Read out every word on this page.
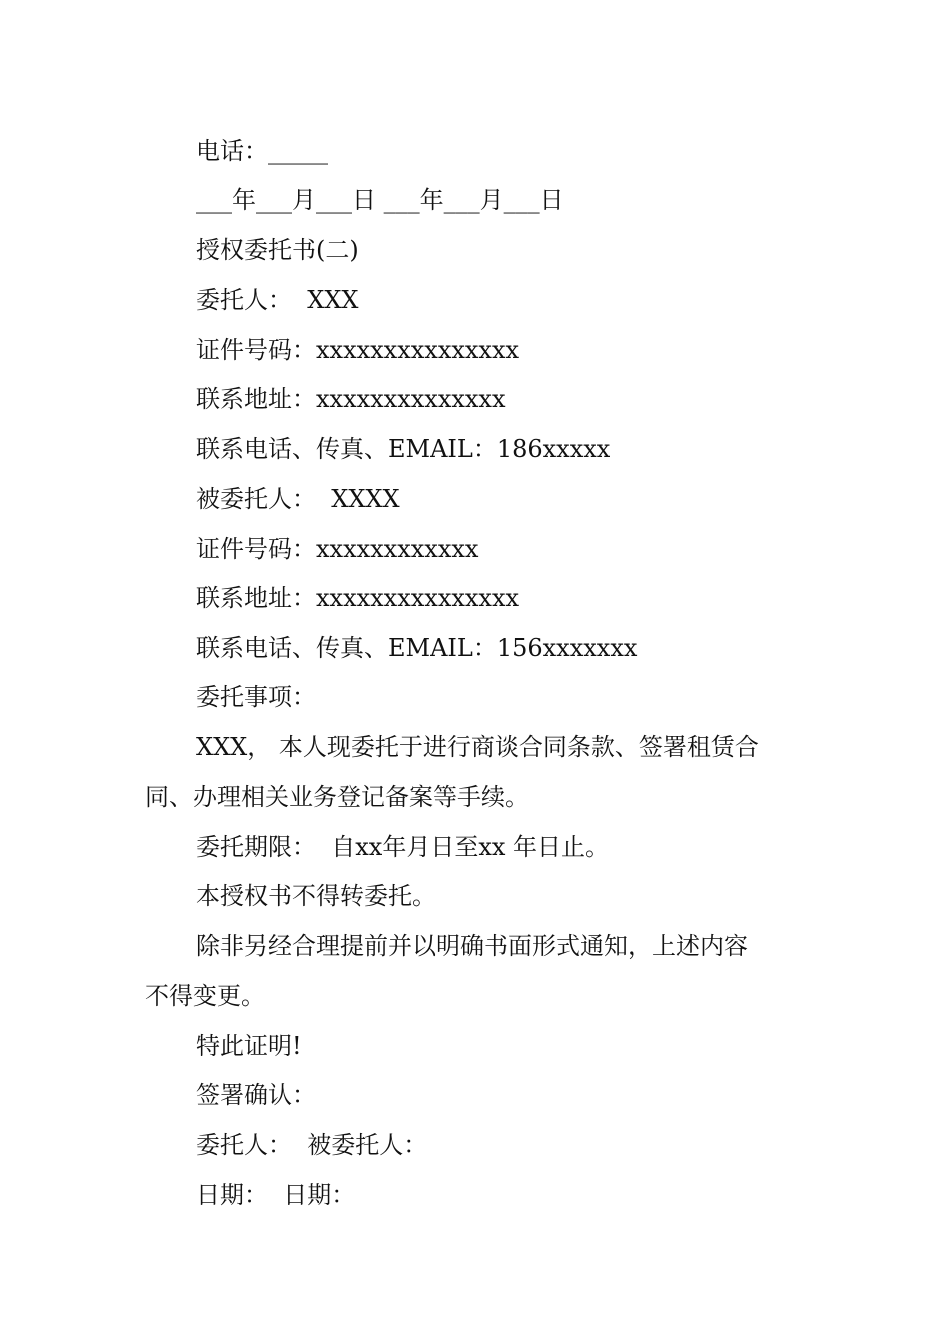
电话：_____
___年___月___日 ___年___月___日
授权委托书(二)
委托人：  XXX
证件号码：xxxxxxxxxxxxxxx
联系地址：xxxxxxxxxxxxxx
联系电话、传真、EMAIL：186xxxxx
被委托人：  XXXX
证件号码：xxxxxxxxxxxx
联系地址：xxxxxxxxxxxxxxx
联系电话、传真、EMAIL：156xxxxxxx
委托事项：
XXX， 本人现委托于进行商谈合同条款、签署租赁合
同、办理相关业务登记备案等手续。
委托期限：  自xx年月日至xx 年日止。
本授权书不得转委托。
除非另经合理提前并以明确书面形式通知，上述内容
不得变更。
特此证明!
签署确认：
委托人：  被委托人：
日期：  日期：
